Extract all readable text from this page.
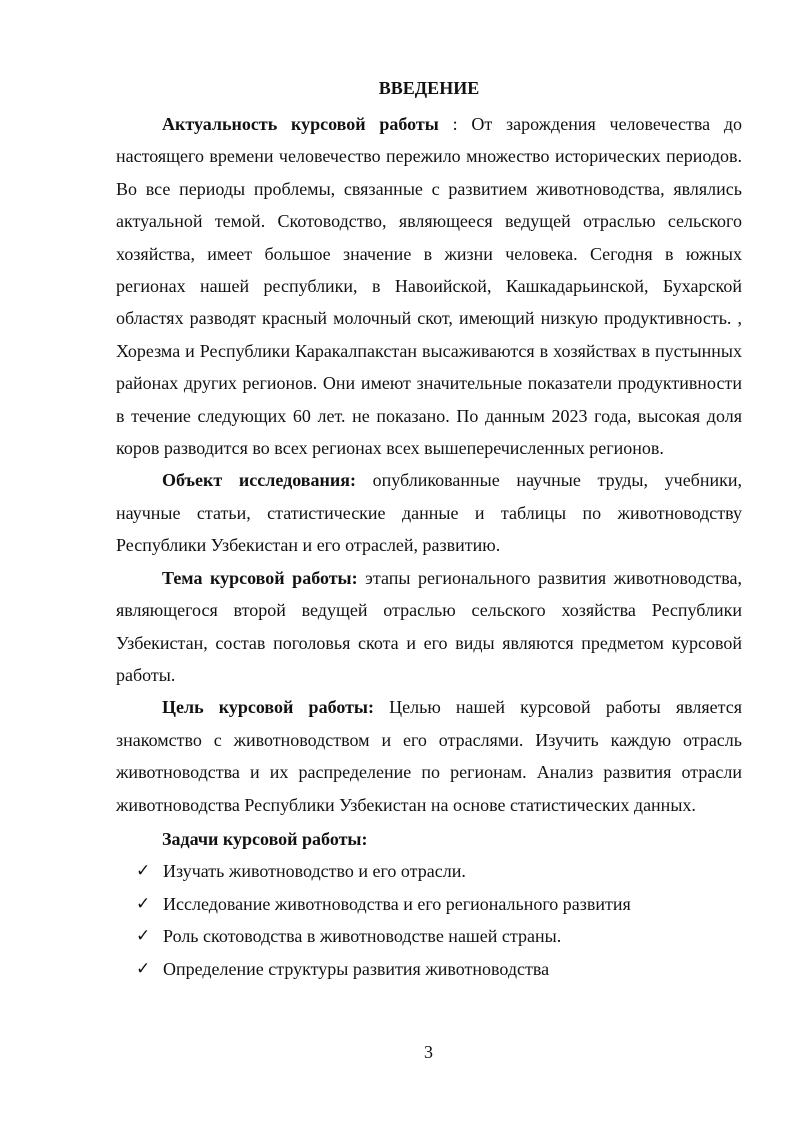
ВВЕДЕНИЕ

Актуальность курсовой работы : От зарождения человечества до настоящего времени человечество пережило множество исторических периодов. Во все периоды проблемы, связанные с развитием животноводства, являлись актуальной темой. Скотоводство, являющееся ведущей отраслью сельского хозяйства, имеет большое значение в жизни человека. Сегодня в южных регионах нашей республики, в Навоийской, Кашкадарьинской, Бухарской областях разводят красный молочный скот, имеющий низкую продуктивность. , Хорезма и Республики Каракалпакстан высаживаются в хозяйствах в пустынных районах других регионов. Они имеют значительные показатели продуктивности в течение следующих 60 лет. не показано. По данным 2023 года, высокая доля коров разводится во всех регионах всех вышеперечисленных регионов.

Объект исследования: опубликованные научные труды, учебники, научные статьи, статистические данные и таблицы по животноводству Республики Узбекистан и его отраслей, развитию.

Тема курсовой работы: этапы регионального развития животноводства, являющегося второй ведущей отраслью сельского хозяйства Республики Узбекистан, состав поголовья скота и его виды являются предметом курсовой работы.

Цель курсовой работы: Целью нашей курсовой работы является знакомство с животноводством и его отраслями. Изучить каждую отрасль животноводства и их распределение по регионам. Анализ развития отрасли животноводства Республики Узбекистан на основе статистических данных.

Задачи курсовой работы:
✓ Изучать животноводство и его отрасли.
✓ Исследование животноводства и его регионального развития
✓ Роль скотоводства в животноводстве нашей страны.
✓ Определение структуры развития животноводства
3
